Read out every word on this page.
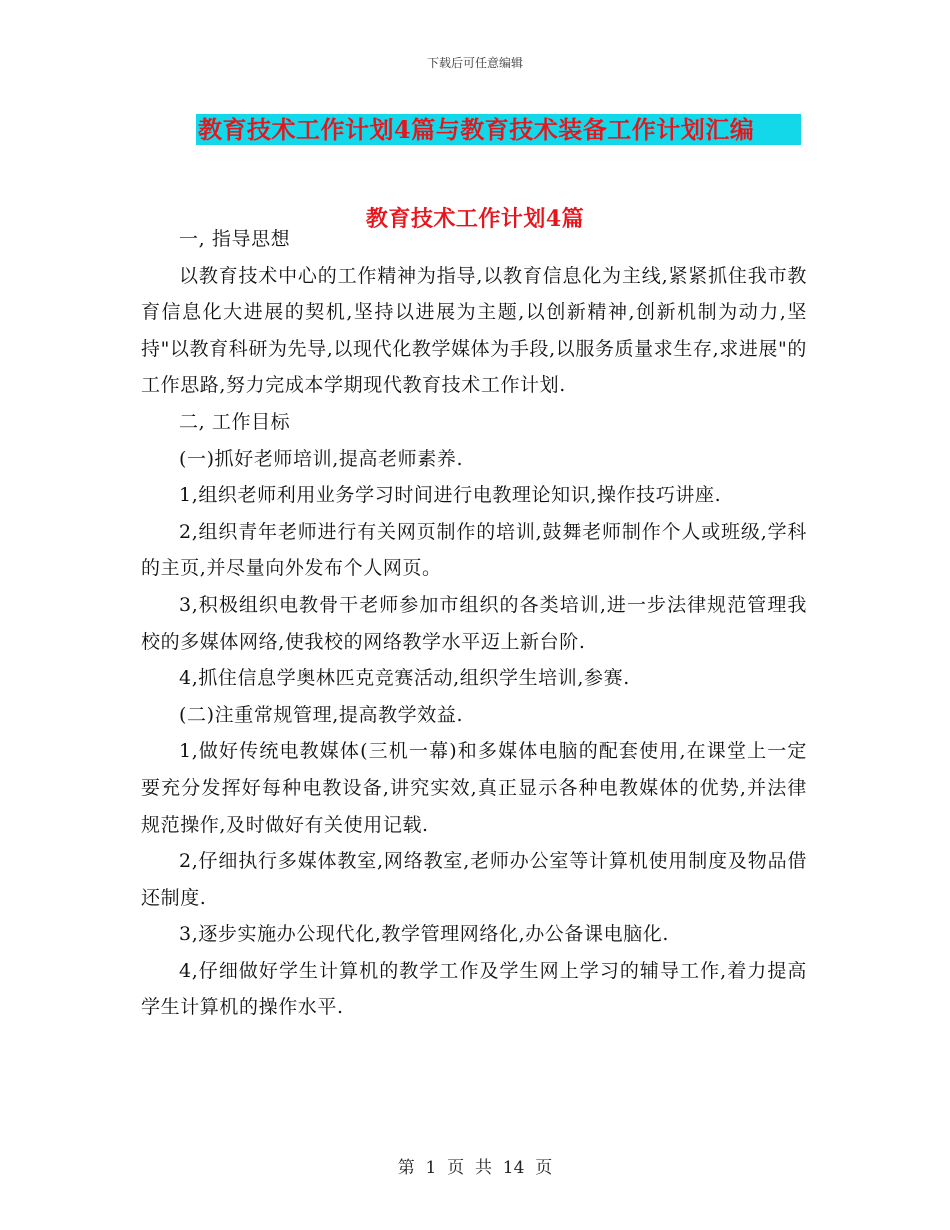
下载后可任意编辑
教育技术工作计划4篇与教育技术装备工作计划汇编
教育技术工作计划4篇

一, 指导思想

以教育技术中心的工作精神为指导,以教育信息化为主线,紧紧抓住我市教育信息化大进展的契机,坚持以进展为主题,以创新精神,创新机制为动力,坚持"以教育科研为先导,以现代化教学媒体为手段,以服务质量求生存,求进展"的工作思路,努力完成本学期现代教育技术工作计划.

二, 工作目标

(一)抓好老师培训,提高老师素养.

1,组织老师利用业务学习时间进行电教理论知识,操作技巧讲座.

2,组织青年老师进行有关网页制作的培训,鼓舞老师制作个人或班级,学科的主页,并尽量向外发布个人网页。

3,积极组织电教骨干老师参加市组织的各类培训,进一步法律规范管理我校的多媒体网络,使我校的网络教学水平迈上新台阶.

4,抓住信息学奥林匹克竞赛活动,组织学生培训,参赛.

(二)注重常规管理,提高教学效益.

1,做好传统电教媒体(三机一幕)和多媒体电脑的配套使用,在课堂上一定要充分发挥好每种电教设备,讲究实效,真正显示各种电教媒体的优势,并法律规范操作,及时做好有关使用记载.

2,仔细执行多媒体教室,网络教室,老师办公室等计算机使用制度及物品借还制度.

3,逐步实施办公现代化,教学管理网络化,办公备课电脑化.

4,仔细做好学生计算机的教学工作及学生网上学习的辅导工作,着力提高学生计算机的操作水平.

第  1  页  共  14  页
